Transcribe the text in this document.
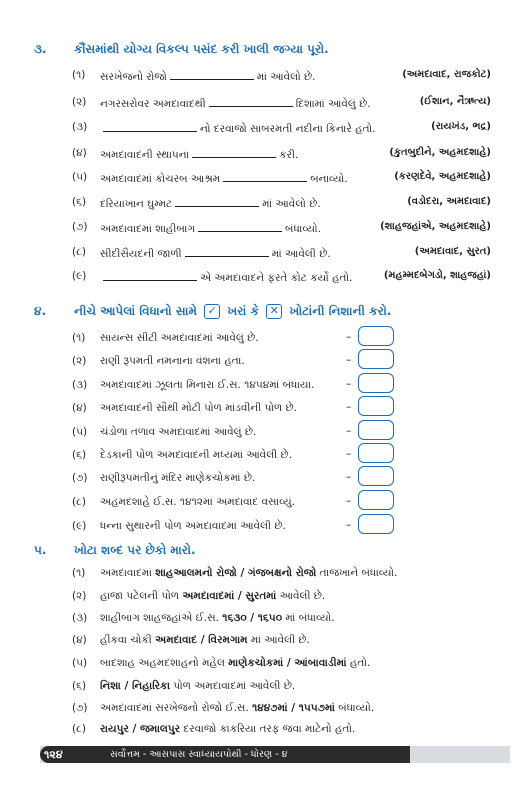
૩. કૌંસમાંથી યોગ્ય વિકલ્પ પસંદ કરી ખાલી જગ્યા પૂરો.
(૧) સરખેજનો રોજો	માં આવેલો છે.	(અમદાવાદ, રાજકોટ)
(૨) નગરસરોવર અમદાવાદથી	દિશામાં આવેલું છે.	(ઈશાન, નૈઋત્ય)
(૩)	નો દરવાજો સાબરમતી નદીના કિનારે હતો.	(રાયખંડ, ભદ્ર)
(૪) અમદાવાદની સ્થાપના	કરી.	(કુતબુદીને, અહમદશાહે)
(૫) અમદાવાદમાં કોચરબ આશ્રમ	બનાવ્યો.	(કરણદેવે, અહમદશાહે)
(૬) દરિયાખાન ઘુમ્મટ	માં આવેલો છે.	(વડોદરા, અમદાવાદ)
(૭) અમદાવાદમાં શાહીબાગ	બંધાવ્યો.	(શાહજહાંએ, અહમદશાહે)
(૮) સીદીસૈયદની જાળી	માં આવેલી છે.	(અમદાવાદ, સુરત)
(૯)	એ અમદાવાદને ફરતે કોટ કર્યો હતો.	(મહમ્મદબેગડો, શાહજહાં)
૪. નીચે આપેલાં વિધાનો સામે ✓ ખરાં કે ✕ ખોટાંની નિશાની કરો.
(૧) સાયન્સ સીટી અમદાવાદમાં આવેલું છે.	–
(૨) રાણી રૂપમતી નમનાના વંશના હતા.	–
(૩) અમદાવાદમાં ઝૂલતા મિનારા ઈ.સ. ૧૪૫૪માં બંધાયા.	–
(૪) અમદાવાદની સૌથી મોટી પોળ માંડવીની પોળ છે.	–
(૫) ચંડોળા તળાવ અમદાવાદમાં આવેલું છે.	–
(૬) દેડકાની પોળ અમદાવાદની મધ્યમાં આવેલી છે.	–
(૭) રાણીરૂપમતીનું મંદિર માણેકચોકમાં છે.	–
(૮) અહમદશાહે ઈ.સ. ૧૪૧૨માં અમદાવાદ વસાવ્યું.	–
(૯) ધન્ના સુથારની પોળ અમદાવાદમાં આવેલી છે.	–
૫. ખોટા શબ્દ પર છેકો મારો.
(૧) અમદાવાદમાં શાહઆલમનો રોજો / ગંજબક્ષનો રોજો તાજખાને બંધાવ્યો.
(૨) હાજા પટેલની પોળ અમદાવાદમાં / સુરતમાં આવેલી છે.
(૩) શાહીબાગ શાહજહાંએ ઈ.સ. ૧૬૩૦ / ૧૬૫૦ માં બંધાવ્યો.
(૪) હીંકવા ચોકી અમદાવાદ / વિરમગામ માં આવેલી છે.
(૫) બાદશાહ અહમદશાહનો મહેલ માણેકચોકમાં / આંબાવાડીમાં હતો.
(૬) નિશા / નિહારિકા પોળ અમદાવાદમાં આવેલી છે.
(૭) અમદાવાદમાં સરખેજનો રોજો ઈ.સ. ૧૪૪૭માં / ૧૫૫૭માં બંધાવ્યો.
(૮) રાયપુર / જમાલપુર દરવાજો કાંકરિયા તરફ જવા માટેનો હતો.
૧૨૪	સર્વોત્તમ - આસપાસ સ્વાધ્યાયપોથી - ધોરણ - ૪
